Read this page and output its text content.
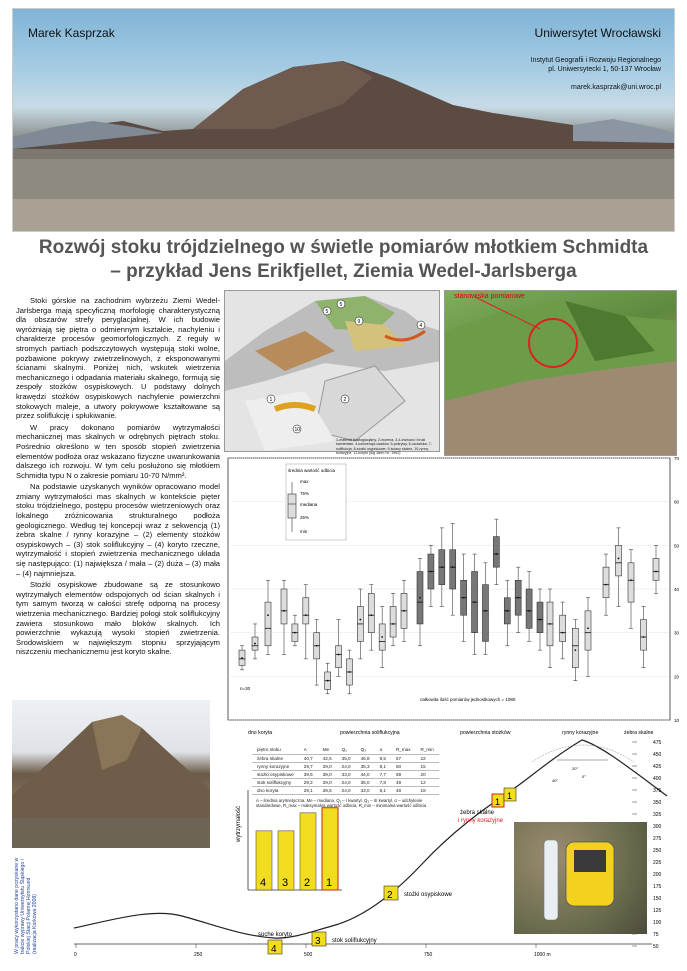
Marek Kasprzak	Uniwersytet Wrocławski
Instytut Geografii i Rozwoju Regionalnego
pl. Uniwersytecki 1, 50-137 Wrocław
marek.kasprzak@uni.wroc.pl
Rozwój stoku trójdzielnego w świetle pomiarów młotkiem Schmidta
– przykład Jens Erikfjellet, Ziemia Wedel-Jarlsberga

Stoki górskie na zachodnim wybrzeżu Ziemi Wedel-Jarlsberga mają specyficzną morfologię charakterystyczną dla obszarów strefy peryglacjalnej. W ich budowie wyróżniają się piętra o odmiennym kształcie, nachyleniu i charakterze procesów geomorfologicznych. Z reguły w stromych partiach podszczytowych występują stoki wolne, pozbawione pokrywy zwietrzelinowych, z eksponowanymi ścianami skalnymi. Poniżej nich, wskutek wietrzenia mechanicznego i odpadania materiału skalnego, formują się zespoły stożków osypiskowych. U podstawy dolnych krawędzi stożków osypiskowych nachylenie powierzchni stokowych maleje, a utwory pokrywowe kształtowane są przez soliflukcję i spłukiwanie.

W pracy dokonano pomiarów wytrzymałości mechanicznej mas skalnych w odrębnych piętrach stoku. Pośrednio określono w ten sposób stopień zwietrzenia elementów podłoża oraz wskazano fizyczne uwarunkowania dalszego ich rozwoju. W tym celu posłużono się młotkiem Schmidta typu N o zakresie pomiaru 10-70 N/mm².

Na podstawie uzyskanych wyników opracowano model zmiany wytrzymałości mas skalnych w kontekście pięter stoku trójdzielnego, postępu procesów wietrzeniowych oraz lokalnego zróżnicowania strukturalnego podłoża geologicznego. Według tej koncepcji wraz z sekwencją (1) żebra skalne / rynny korazyjne – (2) elementy stożków osypiskowych – (3) stok soliflukcyjny – (4) koryto rzeczne, wytrzymałość i stopień zwietrzenia mechanicznego układa się następująco: (1) największa / mała – (2) duża – (3) mała – (4) najmniejsza.

Stożki osypiskowe zbudowane są ze stosunkowo wytrzymałych elementów odspojonych od ścian skalnych i tym samym tworzą w całości strefę odporną na procesy wietrzenia mechanicznego. Bardziej połogi stok soliflukcyjny zawiera stosunkowo mało bloków skalnych. Ich powierzchnie wykazują wysoki stopień zwietrzenia. Środowiskiem w największym stopniu sprzyjającym niszczeniu mechanicznemu jest koryto skalne.

5
5
9
4
1	2
10
1-materiał fluwioglacjalny, 2-morena, 3-4-żwirowo i bruki kamieniste, 4-konwencja osadów, 5-pokrywy, 6-osuwiska, 7-soliflukcja, 8-stożki osypiskowe, 9-ściany skalne, 10-rynny korazyjne, 11-koryto (wg Jahn i in. 1962)
stanowiska pomiarowe
10
20
30
40
50
60
70
dno koryta	powierzchnia soliflukcyjna	powierzchnia stożków	rynny korazyjne	żebra skalne
średnia wartość odbicia
max
75%
mediana
25%
min
n=30
całkowita ilość pomiarów jednostkowych = 1080
475
450
425
400
375
350
325
300
275
250
225
200
175
150
125
100
75
50
0	250	500	750	1000 m
0°
20°
40°
4 3 2 1
wytrzymałość
1
1
2
3
4
żebra skalne
i rynny korazyjne
stożki osypiskowe
stok soliflukcyjny
suche koryto
piętro stoku	A	Me	Q₁	Q₃	σ	R_max	R_min
żebra skalne	40,7	42,5	35,0	46,8	8,5	57	22
rynny korazyjne	29,7	29,0	24,0	35,3	8,1	50	15
stożki osypiskowe	39,5	39,0	33,0	44,0	7,7	59	20
stok soliflukcyjny	29,2	29,0	24,0	35,0	7,8	49	12
dno koryta	29,1	28,5	24,0	33,0	6,1	48	18
A – średnia arytmetyczna, Me – mediana, Q₁ – I kwartyl, Q₃ – III kwartyl, σ – odchylenie standardowe, R_max – maksymalna wartość odbicia, R_min – minimalna wartość odbicia
W pracy wykorzystano dane pozyskane w trakcie wyprawy Uniwersytetu Śląskiego i Polskiej Stacji Polarnej Hornsund (realizacja Korkowa 2008)
